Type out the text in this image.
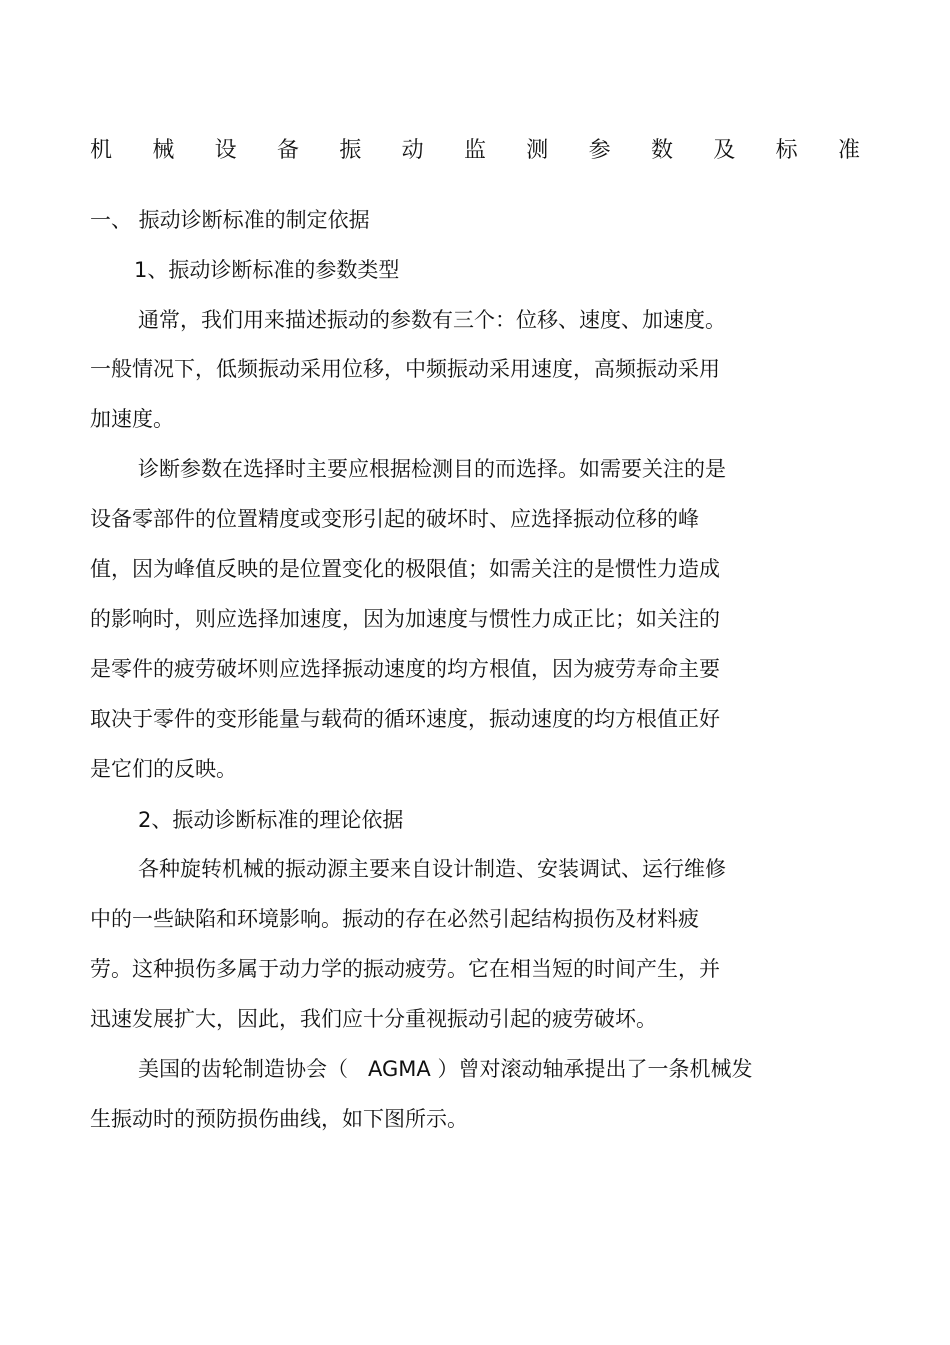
机 械 设 备 振 动 监 测 参 数 及 标 准
一、 振动诊断标准的制定依据
1、振动诊断标准的参数类型
通常，我们用来描述振动的参数有三个：位移、速度、加速度。
一般情况下，低频振动采用位移，中频振动采用速度，高频振动采用
加速度。
诊断参数在选择时主要应根据检测目的而选择。如需要关注的是
设备零部件的位置精度或变形引起的破坏时、应选择振动位移的峰
值，因为峰值反映的是位置变化的极限值；如需关注的是惯性力造成
的影响时，则应选择加速度，因为加速度与惯性力成正比；如关注的
是零件的疲劳破坏则应选择振动速度的均方根值，因为疲劳寿命主要
取决于零件的变形能量与载荷的循环速度，振动速度的均方根值正好
是它们的反映。
2、振动诊断标准的理论依据
各种旋转机械的振动源主要来自设计制造、安装调试、运行维修
中的一些缺陷和环境影响。振动的存在必然引起结构损伤及材料疲
劳。这种损伤多属于动力学的振动疲劳。它在相当短的时间产生，并
迅速发展扩大，因此，我们应十分重视振动引起的疲劳破坏。
美国的齿轮制造协会（   AGMA ）曾对滚动轴承提出了一条机械发
生振动时的预防损伤曲线，如下图所示。
